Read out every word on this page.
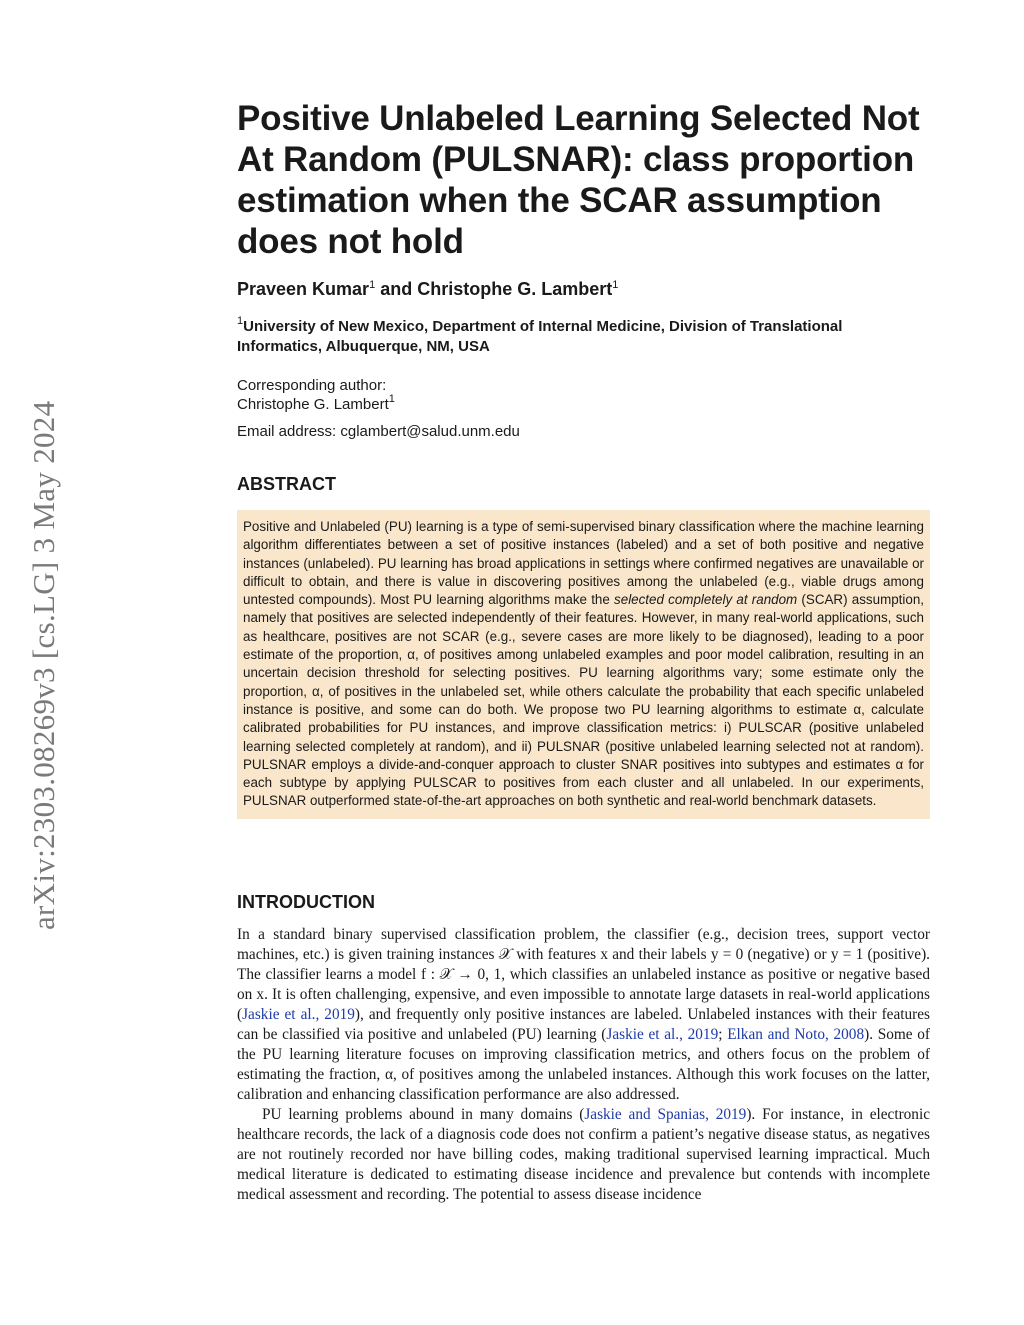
arXiv:2303.08269v3 [cs.LG] 3 May 2024
Positive Unlabeled Learning Selected Not At Random (PULSNAR): class proportion estimation when the SCAR assumption does not hold
Praveen Kumar$^1$ and Christophe G. Lambert$^1$
$^1$University of New Mexico, Department of Internal Medicine, Division of Translational Informatics, Albuquerque, NM, USA
Corresponding author:
Christophe G. Lambert$^1$
Email address: cglambert@salud.unm.edu
ABSTRACT

Positive and Unlabeled (PU) learning is a type of semi-supervised binary classification where the machine learning algorithm differentiates between a set of positive instances (labeled) and a set of both positive and negative instances (unlabeled). PU learning has broad applications in settings where confirmed negatives are unavailable or difficult to obtain, and there is value in discovering positives among the unlabeled (e.g., viable drugs among untested compounds). Most PU learning algorithms make the selected completely at random (SCAR) assumption, namely that positives are selected independently of their features. However, in many real-world applications, such as healthcare, positives are not SCAR (e.g., severe cases are more likely to be diagnosed), leading to a poor estimate of the proportion, α, of positives among unlabeled examples and poor model calibration, resulting in an uncertain decision threshold for selecting positives. PU learning algorithms vary; some estimate only the proportion, α, of positives in the unlabeled set, while others calculate the probability that each specific unlabeled instance is positive, and some can do both. We propose two PU learning algorithms to estimate α, calculate calibrated probabilities for PU instances, and improve classification metrics: i) PULSCAR (positive unlabeled learning selected completely at random), and ii) PULSNAR (positive unlabeled learning selected not at random). PULSNAR employs a divide-and-conquer approach to cluster SNAR positives into subtypes and estimates α for each subtype by applying PULSCAR to positives from each cluster and all unlabeled. In our experiments, PULSNAR outperformed state-of-the-art approaches on both synthetic and real-world benchmark datasets.

INTRODUCTION

In a standard binary supervised classification problem, the classifier (e.g., decision trees, support vector machines, etc.) is given training instances 𝒳 with features x and their labels y = 0 (negative) or y = 1 (positive). The classifier learns a model f : 𝒳 → 0, 1, which classifies an unlabeled instance as positive or negative based on x. It is often challenging, expensive, and even impossible to annotate large datasets in real-world applications (Jaskie et al., 2019), and frequently only positive instances are labeled. Unlabeled instances with their features can be classified via positive and unlabeled (PU) learning (Jaskie et al., 2019; Elkan and Noto, 2008). Some of the PU learning literature focuses on improving classification metrics, and others focus on the problem of estimating the fraction, α, of positives among the unlabeled instances. Although this work focuses on the latter, calibration and enhancing classification performance are also addressed.

PU learning problems abound in many domains (Jaskie and Spanias, 2019). For instance, in electronic healthcare records, the lack of a diagnosis code does not confirm a patient’s negative disease status, as negatives are not routinely recorded nor have billing codes, making traditional supervised learning impractical. Much medical literature is dedicated to estimating disease incidence and prevalence but contends with incomplete medical assessment and recording. The potential to assess disease incidence
